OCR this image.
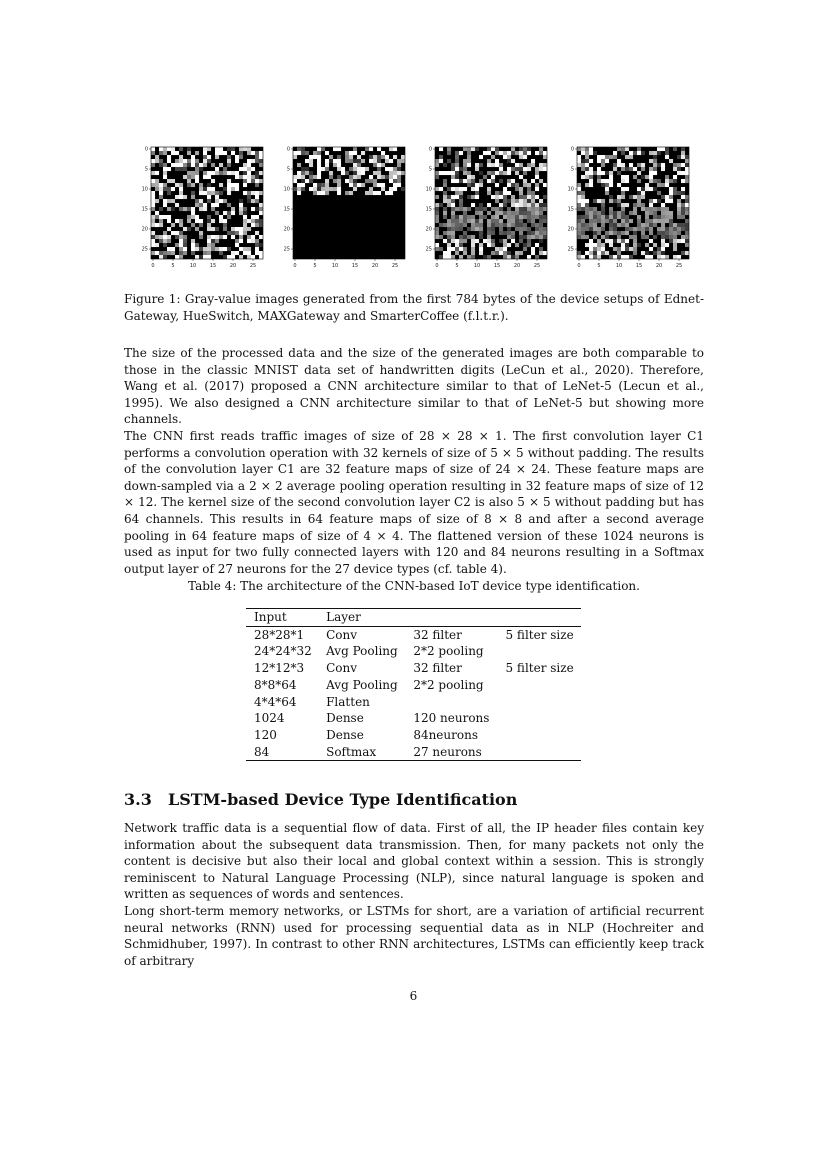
0
0
5
5
10
10
15
15
20
20
25
25
0
0
5
5
10
10
15
15
20
20
25
25
0
0
5
5
10
10
15
15
20
20
25
25
0
0
5
5
10
10
15
15
20
20
25
25

Figure 1: Gray-value images generated from the first 784 bytes of the device setups of Ednet-Gateway, HueSwitch, MAXGateway and SmarterCoffee (f.l.t.r.).

The size of the processed data and the size of the generated images are both comparable to those in the classic MNIST data set of handwritten digits (LeCun et al., 2020). Therefore, Wang et al. (2017) proposed a CNN architecture similar to that of LeNet-5 (Lecun et al., 1995). We also designed a CNN architecture similar to that of LeNet-5 but showing more channels.

The CNN first reads traffic images of size of 28 × 28 × 1. The first convolution layer C1 performs a convolution operation with 32 kernels of size of 5 × 5 without padding. The results of the convolution layer C1 are 32 feature maps of size of 24 × 24. These feature maps are down-sampled via a 2 × 2 average pooling operation resulting in 32 feature maps of size of 12 × 12. The kernel size of the second convolution layer C2 is also 5 × 5 without padding but has 64 channels. This results in 64 feature maps of size of 8 × 8 and after a second average pooling in 64 feature maps of size of 4 × 4. The flattened version of these 1024 neurons is used as input for two fully connected layers with 120 and 84 neurons resulting in a Softmax output layer of 27 neurons for the 27 device types (cf. table 4).

Table 4: The architecture of the CNN-based IoT device type identification.

Input	Layer		
28*28*1	Conv	32 filter	5 filter size
24*24*32	Avg Pooling	2*2 pooling	
12*12*3	Conv	32 filter	5 filter size
8*8*64	Avg Pooling	2*2 pooling	
4*4*64	Flatten		
1024	Dense	120 neurons	
120	Dense	84neurons	
84	Softmax	27 neurons	
3.3 LSTM-based Device Type Identification

Network traffic data is a sequential flow of data. First of all, the IP header files contain key information about the subsequent data transmission. Then, for many packets not only the content is decisive but also their local and global context within a session. This is strongly reminiscent to Natural Language Processing (NLP), since natural language is spoken and written as sequences of words and sentences.

Long short-term memory networks, or LSTMs for short, are a variation of artificial recurrent neural networks (RNN) used for processing sequential data as in NLP (Hochreiter and Schmidhuber, 1997). In contrast to other RNN architectures, LSTMs can efficiently keep track of arbitrary

6
